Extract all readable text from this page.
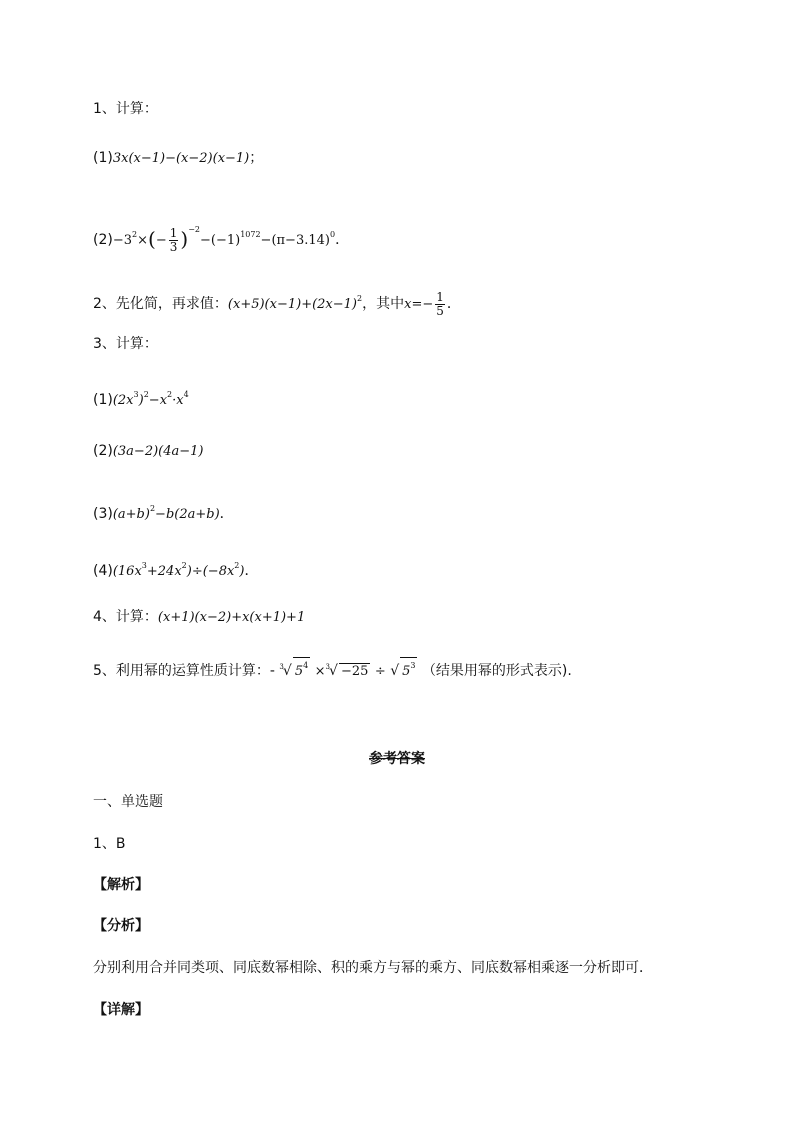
1、计算：
(1)3x(x−1)−(x−2)(x−1)；
$(2)-3^2\times(- \frac{1}{3} )^{-2}-(-1)^{1072}-(\pi-3.14)^0$．
2、先化简，再求值：$(x+5)(x-1)+(2x-1)^2$，其中$x=- \frac{1}{5}$ ．
3、计算：
$(1)(2x^3)^2-x^2\cdot x^4$
(2)(3a−2)(4a−1)
$(3)(a+b)^2-b(2a+b)$．
$(4)(16x^3+24x^2)\div(-8x^2)$．
4、计算：(x+1)(x−2)+x(x+1)+1
5、利用幂的运算性质计算：- $^3$√ $5^4 \times^3√ -25$ ÷ √ $5^3$ （结果用幂的形式表示).
参考答案
一、单选题
1、B
【解析】
【分析】
分别利用合并同类项、同底数幂相除、积的乘方与幂的乘方、同底数幂相乘逐一分析即可．
【详解】
